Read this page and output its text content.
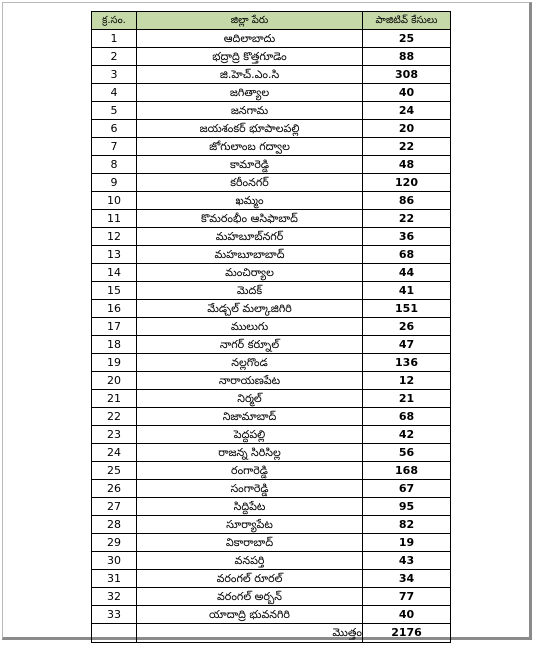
క్ర.సం.	జిల్లా పేరు	పాజిటివ్ కేసులు
1	ఆదిలాబాదు	25
2	భద్రాద్రి కొత్తగూడెం	88
3	జి.హెచ్.ఎం.సి	308
4	జగిత్యాల	40
5	జనగామ	24
6	జయశంకర్ భూపాలపల్లి	20
7	జోగులాంబ గద్వాల	22
8	కామారెడ్డి	48
9	కరీంనగర్	120
10	ఖమ్మం	86
11	కొమరంభీం ఆసిఫాబాద్	22
12	మహబూబ్‌నగర్	36
13	మహబూబాబాద్	68
14	మంచిర్యాల	44
15	మెదక్	41
16	మేడ్చల్ మల్కాజిగిరి	151
17	ములుగు	26
18	నాగర్ కర్నూల్	47
19	నల్లగొండ	136
20	నారాయణపేట	12
21	నిర్మల్	21
22	నిజామాబాద్	68
23	పెద్దపల్లి	42
24	రాజన్న సిరిసిల్ల	56
25	రంగారెడ్డి	168
26	సంగారెడ్డి	67
27	సిద్దిపేట	95
28	సూర్యాపేట	82
29	వికారాబాద్	19
30	వనపర్తి	43
31	వరంగల్ రూరల్	34
32	వరంగల్ అర్బన్	77
33	యాదాద్రి భువనగిరి	40
	మొత్తం	2176
